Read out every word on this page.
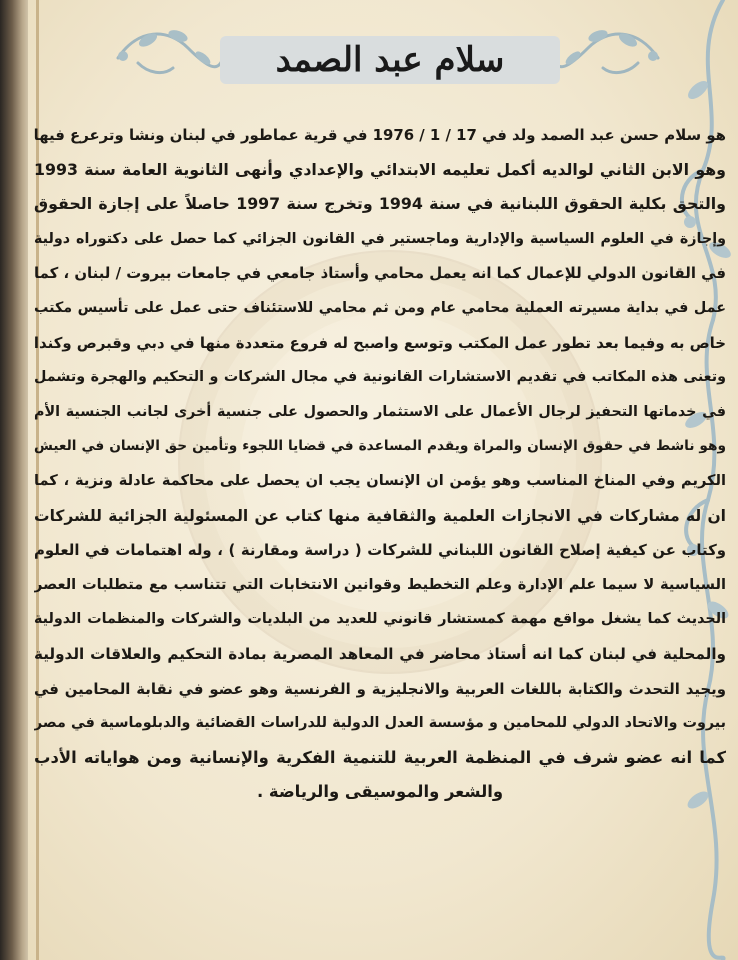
سلام عبد الصمد
هو سلام حسن عبد الصمد ولد في 17 / 1 / 1976 في قرية عماطور في لبنان ونشا وترعرع فيها
وهو الابن الثاني لوالديه أكمل تعليمه الابتدائي والإعدادي وأنهى الثانوية العامة سنة 1993
والتحق بكلية الحقوق اللبنانية في سنة 1994 وتخرج سنة 1997 حاصلاً على إجازة الحقوق
وإجازة في العلوم السياسية والإدارية وماجستير في القانون الجزائي كما حصل على دكتوراه دولية
في القانون الدولي للإعمال كما انه يعمل محامي وأستاذ جامعي في جامعات بيروت / لبنان ، كما
عمل في بداية مسيرته العملية محامي عام ومن ثم محامي للاستئناف حتى عمل على تأسيس مكتب
خاص به وفيما بعد تطور عمل المكتب وتوسع واصبح له فروع متعددة منها في دبي وقبرص وكندا
وتعنى هذه المكاتب في تقديم الاستشارات القانونية في مجال الشركات و التحكيم والهجرة وتشمل
في خدماتها التحفيز لرجال الأعمال على الاستثمار والحصول على جنسية أخرى لجانب الجنسية الأم
وهو ناشط في حقوق الإنسان والمراة ويقدم المساعدة في قضايا اللجوء وتأمين حق الإنسان في العيش
الكريم وفي المناخ المناسب وهو يؤمن ان الإنسان يجب ان يحصل على محاكمة عادلة ونزية ، كما
ان له مشاركات في الانجازات العلمية والثقافية منها كتاب عن المسئولية الجزائية للشركات
وكتاب عن كيفية إصلاح القانون اللبناني للشركات ( دراسة ومقارنة ) ، وله اهتمامات في العلوم
السياسية لا سيما علم الإدارة وعلم التخطيط وقوانين الانتخابات التي تتناسب مع متطلبات العصر
الحديث كما يشغل مواقع مهمة كمستشار قانوني للعديد من البلديات والشركات والمنظمات الدولية
والمحلية في لبنان كما انه أستاذ محاضر في المعاهد المصرية بمادة التحكيم والعلاقات الدولية
ويجيد التحدث والكتابة باللغات العربية والانجليزية و الفرنسية وهو عضو في نقابة المحامين في
بيروت والاتحاد الدولي للمحامين و مؤسسة العدل الدولية للدراسات القضائية والدبلوماسية في مصر
كما انه عضو شرف في المنظمة العربية للتنمية الفكرية والإنسانية ومن هواياته الأدب
والشعر والموسيقى والرياضة .
